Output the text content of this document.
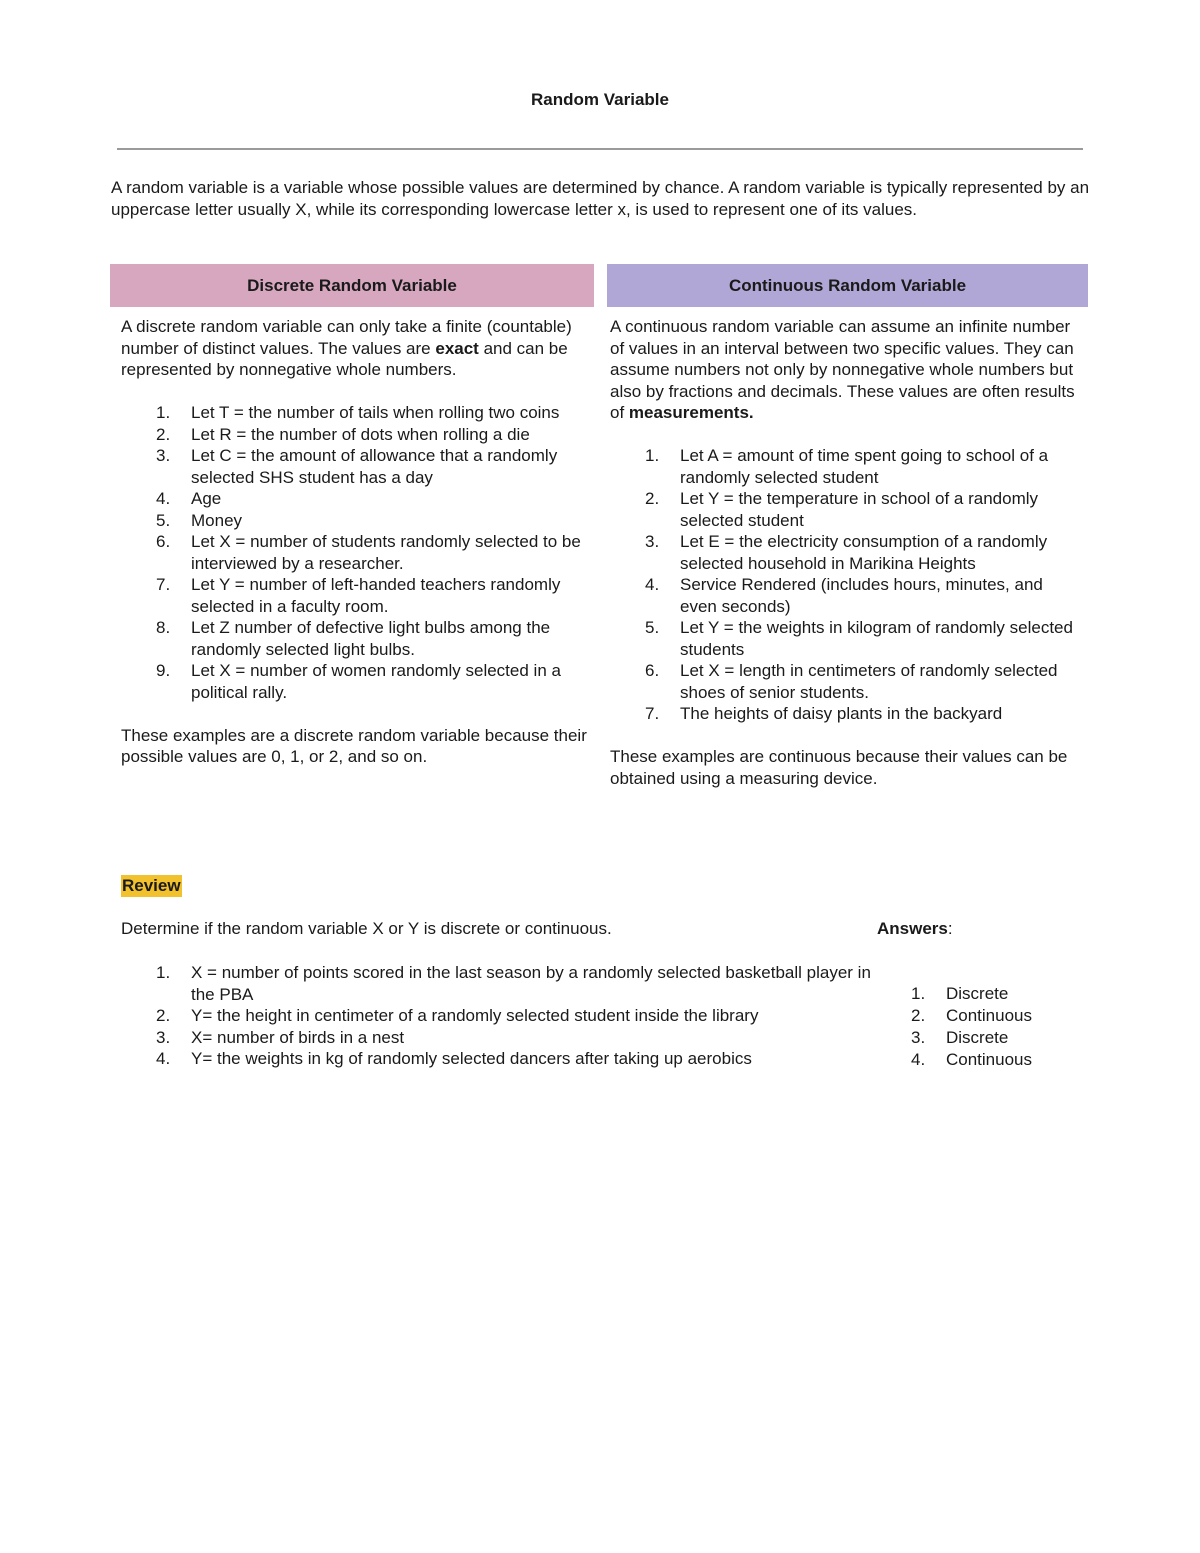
Random Variable

A random variable is a variable whose possible values are determined by chance. A random variable is typically represented by an uppercase letter usually X, while its corresponding lowercase letter x, is used to represent one of its values.

Discrete Random Variable	Continuous Random Variable

A discrete random variable can only take a finite (countable) number of distinct values. The values are exact and can be represented by nonnegative whole numbers.

1. Let T = the number of tails when rolling two coins
2. Let R = the number of dots when rolling a die
3. Let C = the amount of allowance that a randomly selected SHS student has a day
4. Age
5. Money
6. Let X = number of students randomly selected to be interviewed by a researcher.
7. Let Y = number of left-handed teachers randomly selected in a faculty room.
8. Let Z number of defective light bulbs among the randomly selected light bulbs.
9. Let X = number of women randomly selected in a political rally.

These examples are a discrete random variable because their possible values are 0, 1, or 2, and so on.

A continuous random variable can assume an infinite number of values in an interval between two specific values. They can assume numbers not only by nonnegative whole numbers but also by fractions and decimals. These values are often results of measurements.

1. Let A = amount of time spent going to school of a randomly selected student
2. Let Y = the temperature in school of a randomly selected student
3. Let E = the electricity consumption of a randomly selected household in Marikina Heights
4. Service Rendered (includes hours, minutes, and even seconds)
5. Let Y = the weights in kilogram of randomly selected students
6. Let X = length in centimeters of randomly selected shoes of senior students.
7. The heights of daisy plants in the backyard

These examples are continuous because their values can be obtained using a measuring device.

Review

Determine if the random variable X or Y is discrete or continuous.	Answers:

1. X = number of points scored in the last season by a randomly selected basketball player in the PBA
2. Y= the height in centimeter of a randomly selected student inside the library
3. X= number of birds in a nest
4. Y= the weights in kg of randomly selected dancers after taking up aerobics
1. Discrete
2. Continuous
3. Discrete
4. Continuous
